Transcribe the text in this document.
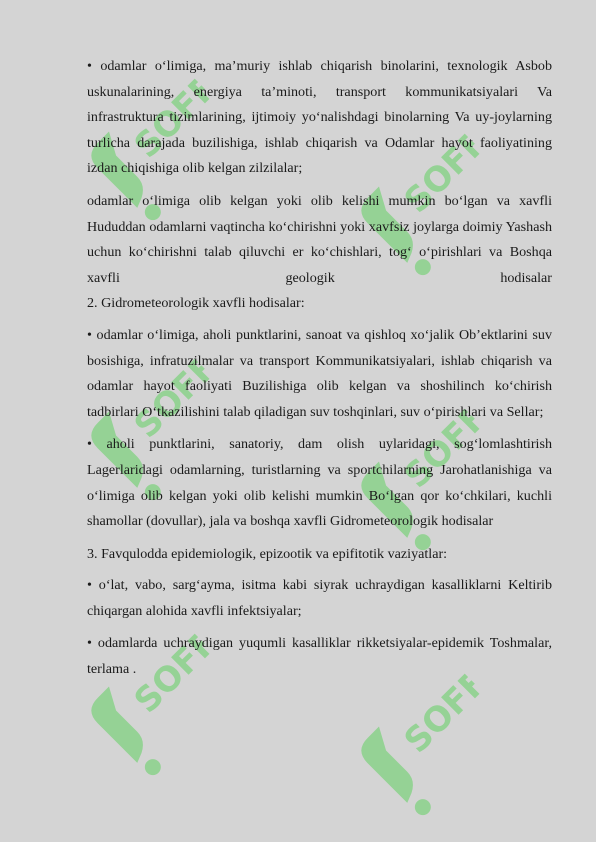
SOFF
SOFF
SOFF
SOFF
SOFF	SOFF

• odamlar o‘limiga, ma’muriy ishlab chiqarish binolarini, texnologik Asbob uskunalarining, energiya ta’minoti, transport kommunikatsiyalari Va infrastruktura tizimlarining, ijtimoiy yo‘nalishdagi binolarning Va uy-joylarning turlicha darajada buzilishiga, ishlab chiqarish va Odamlar hayot faoliyatining izdan chiqishiga olib kelgan zilzilalar;

odamlar o‘limiga olib kelgan yoki olib kelishi mumkin bo‘lgan va xavfli Hududdan odamlarni vaqtincha ko‘chirishni yoki xavfsiz joylarga doimiy Yashash uchun ko‘chirishni talab qiluvchi er ko‘chishlari, tog‘ o‘pirishlari va Boshqa xavfli geologik hodisalar

2. Gidrometeorologik xavfli hodisalar:

• odamlar o‘limiga, aholi punktlarini, sanoat va qishloq xo‘jalik Ob’ektlarini suv bosishiga, infratuzilmalar va transport Kommunikatsiyalari, ishlab chiqarish va odamlar hayot faoliyati Buzilishiga olib kelgan va shoshilinch ko‘chirish tadbirlari O‘tkazilishini talab qiladigan suv toshqinlari, suv o‘pirishlari va Sellar;

• aholi punktlarini, sanatoriy, dam olish uylaridagi, sog‘lomlashtirish Lagerlaridagi odamlarning, turistlarning va sportchilarning Jarohatlanishiga va o‘limiga olib kelgan yoki olib kelishi mumkin Bo‘lgan qor ko‘chkilari, kuchli shamollar (dovullar), jala va boshqa xavfli Gidrometeorologik hodisalar

3. Favqulodda epidemiologik, epizootik va epifitotik vaziyatlar:

• o‘lat, vabo, sarg‘ayma, isitma kabi siyrak uchraydigan kasalliklarni Keltirib chiqargan alohida xavfli infektsiyalar;

• odamlarda uchraydigan yuqumli kasalliklar rikketsiyalar-epidemik Toshmalar, terlama .
